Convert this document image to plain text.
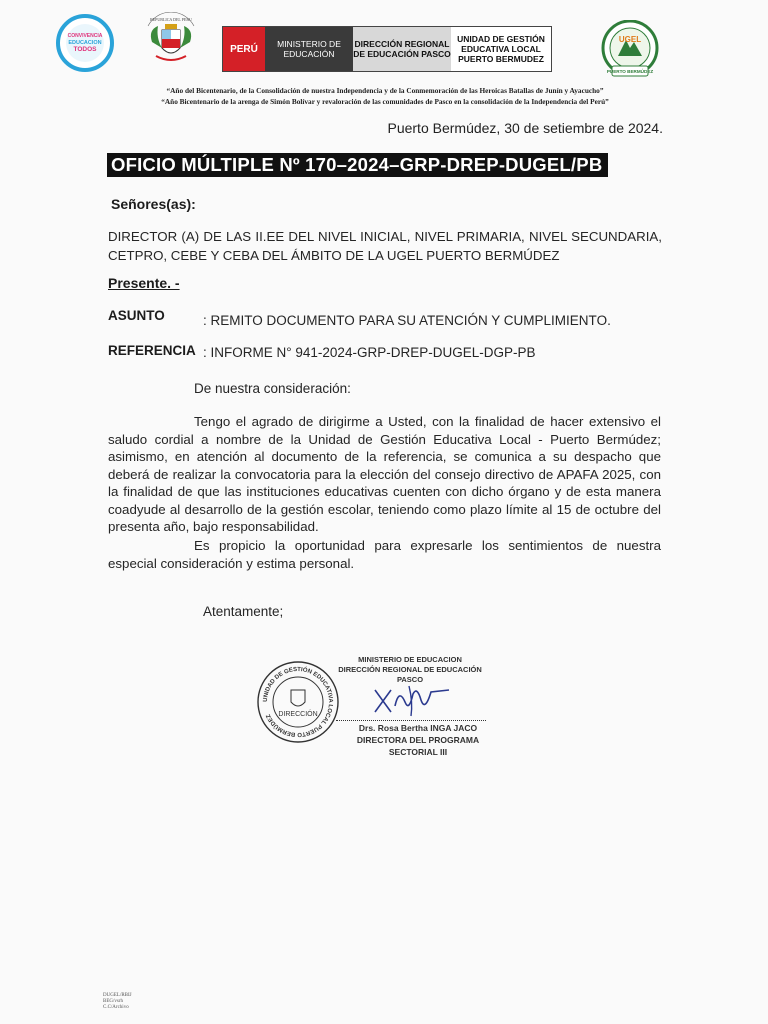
CONVIVENCIA
EDUCACION
TODOS
REPUBLICA DEL PERU
PERÚ	MINISTERIO DE EDUCACIÓN
DIRECCIÓN REGIONAL DE EDUCACIÓN PASCO
UNIDAD DE GESTIÓN EDUCATIVA LOCAL PUERTO BERMUDEZ
UGEL
PUERTO BERMÚDEZ
“Año del Bicentenario, de la Consolidación de nuestra Independencia y de la Conmemoración de las Heroicas Batallas de Junín y Ayacucho”
“Año Bicentenario de la arenga de Simón Bolívar y revaloración de las comunidades de Pasco en la consolidación de la Independencia del Perú”
Puerto Bermúdez, 30 de setiembre de 2024.
OFICIO MÚLTIPLE Nº 170–2024–GRP-DREP-DUGEL/PB
Señores(as):
DIRECTOR (A) DE LAS II.EE DEL NIVEL INICIAL, NIVEL PRIMARIA, NIVEL SECUNDARIA, CETPRO, CEBE Y CEBA DEL ÁMBITO DE LA UGEL PUERTO BERMÚDEZ
Presente. -
ASUNTO	: REMITO DOCUMENTO PARA SU ATENCIÓN Y CUMPLIMIENTO.
REFERENCIA : INFORME N° 941-2024-GRP-DREP-DUGEL-DGP-PB
De nuestra consideración:
Tengo el agrado de dirigirme a Usted, con la finalidad de hacer extensivo el saludo cordial a nombre de la Unidad de Gestión Educativa Local - Puerto Bermúdez; asimismo, en atención al documento de la referencia, se comunica a su despacho que deberá de realizar la convocatoria para la elección del consejo directivo de APAFA 2025, con la finalidad de que las instituciones educativas cuenten con dicho órgano y de esta manera coadyude al desarrollo de la gestión escolar, teniendo como plazo límite al 15 de octubre del presenta año, bajo responsabilidad.
Es propicio la oportunidad para expresarle los sentimientos de nuestra especial consideración y estima personal.
Atentamente;
UNIDAD DE GESTIÓN EDUCATIVA LOCAL PUERTO BERMÚDEZ DIRECCIÓN
MINISTERIO DE EDUCACION
DIRECCIÓN REGIONAL DE EDUCACIÓN PASCO
Drs. Rosa Bertha INGA JACO
DIRECTORA DEL PROGRAMA SECTORIAL III
DUGEL/RBIJ
BEG/vsrh
C.C/Archivo
